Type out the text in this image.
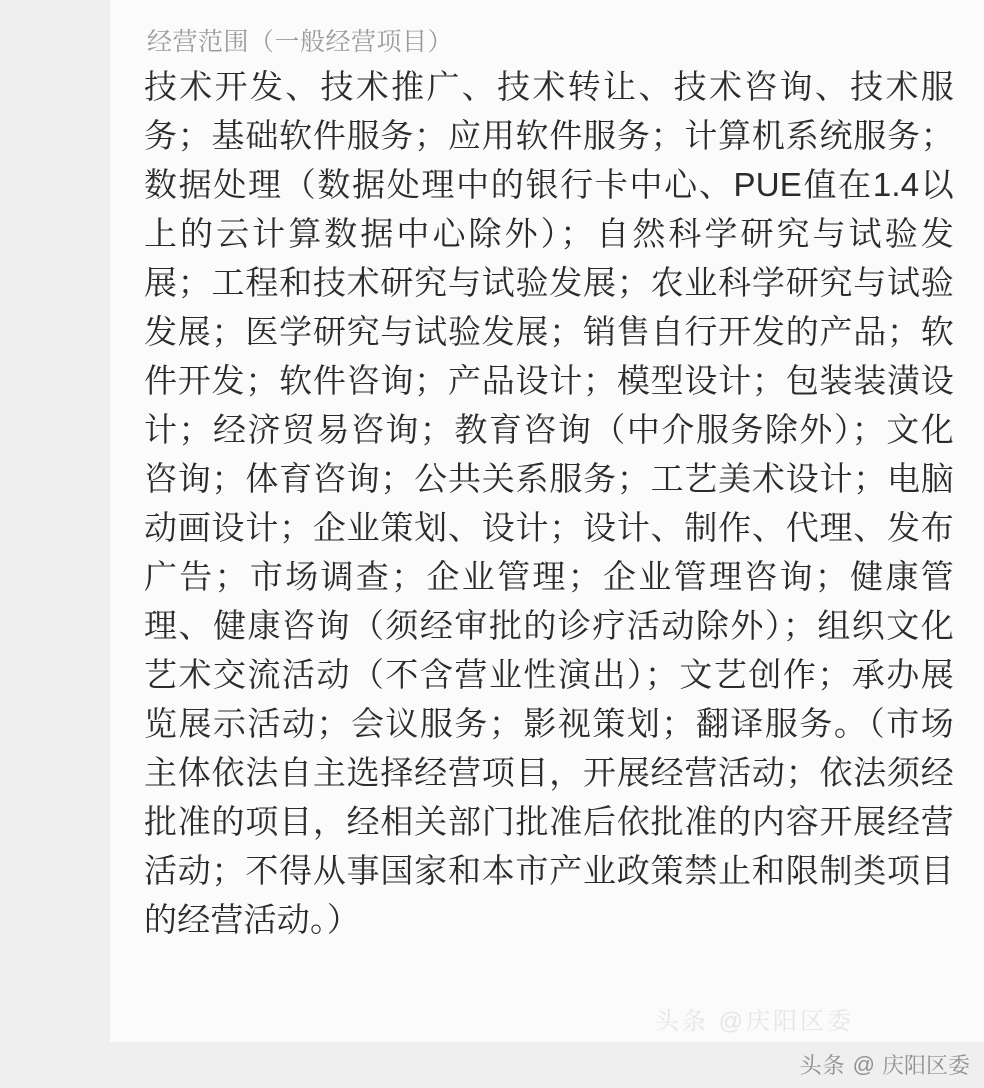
经营范围（一般经营项目）
技术开发、技术推广、技术转让、技术咨询、技术服务；基础软件服务；应用软件服务；计算机系统服务；数据处理（数据处理中的银行卡中心、PUE值在1.4以上的云计算数据中心除外）；自然科学研究与试验发展；工程和技术研究与试验发展；农业科学研究与试验发展；医学研究与试验发展；销售自行开发的产品；软件开发；软件咨询；产品设计；模型设计；包装装潢设计；经济贸易咨询；教育咨询（中介服务除外）；文化咨询；体育咨询；公共关系服务；工艺美术设计；电脑动画设计；企业策划、设计；设计、制作、代理、发布广告；市场调查；企业管理；企业管理咨询；健康管理、健康咨询（须经审批的诊疗活动除外）；组织文化艺术交流活动（不含营业性演出）；文艺创作；承办展览展示活动；会议服务；影视策划；翻译服务。（市场主体依法自主选择经营项目，开展经营活动；依法须经批准的项目，经相关部门批准后依批准的内容开展经营活动；不得从事国家和本市产业政策禁止和限制类项目的经营活动。）
头条 @庆阳区委
头条 @ 庆阳区委
